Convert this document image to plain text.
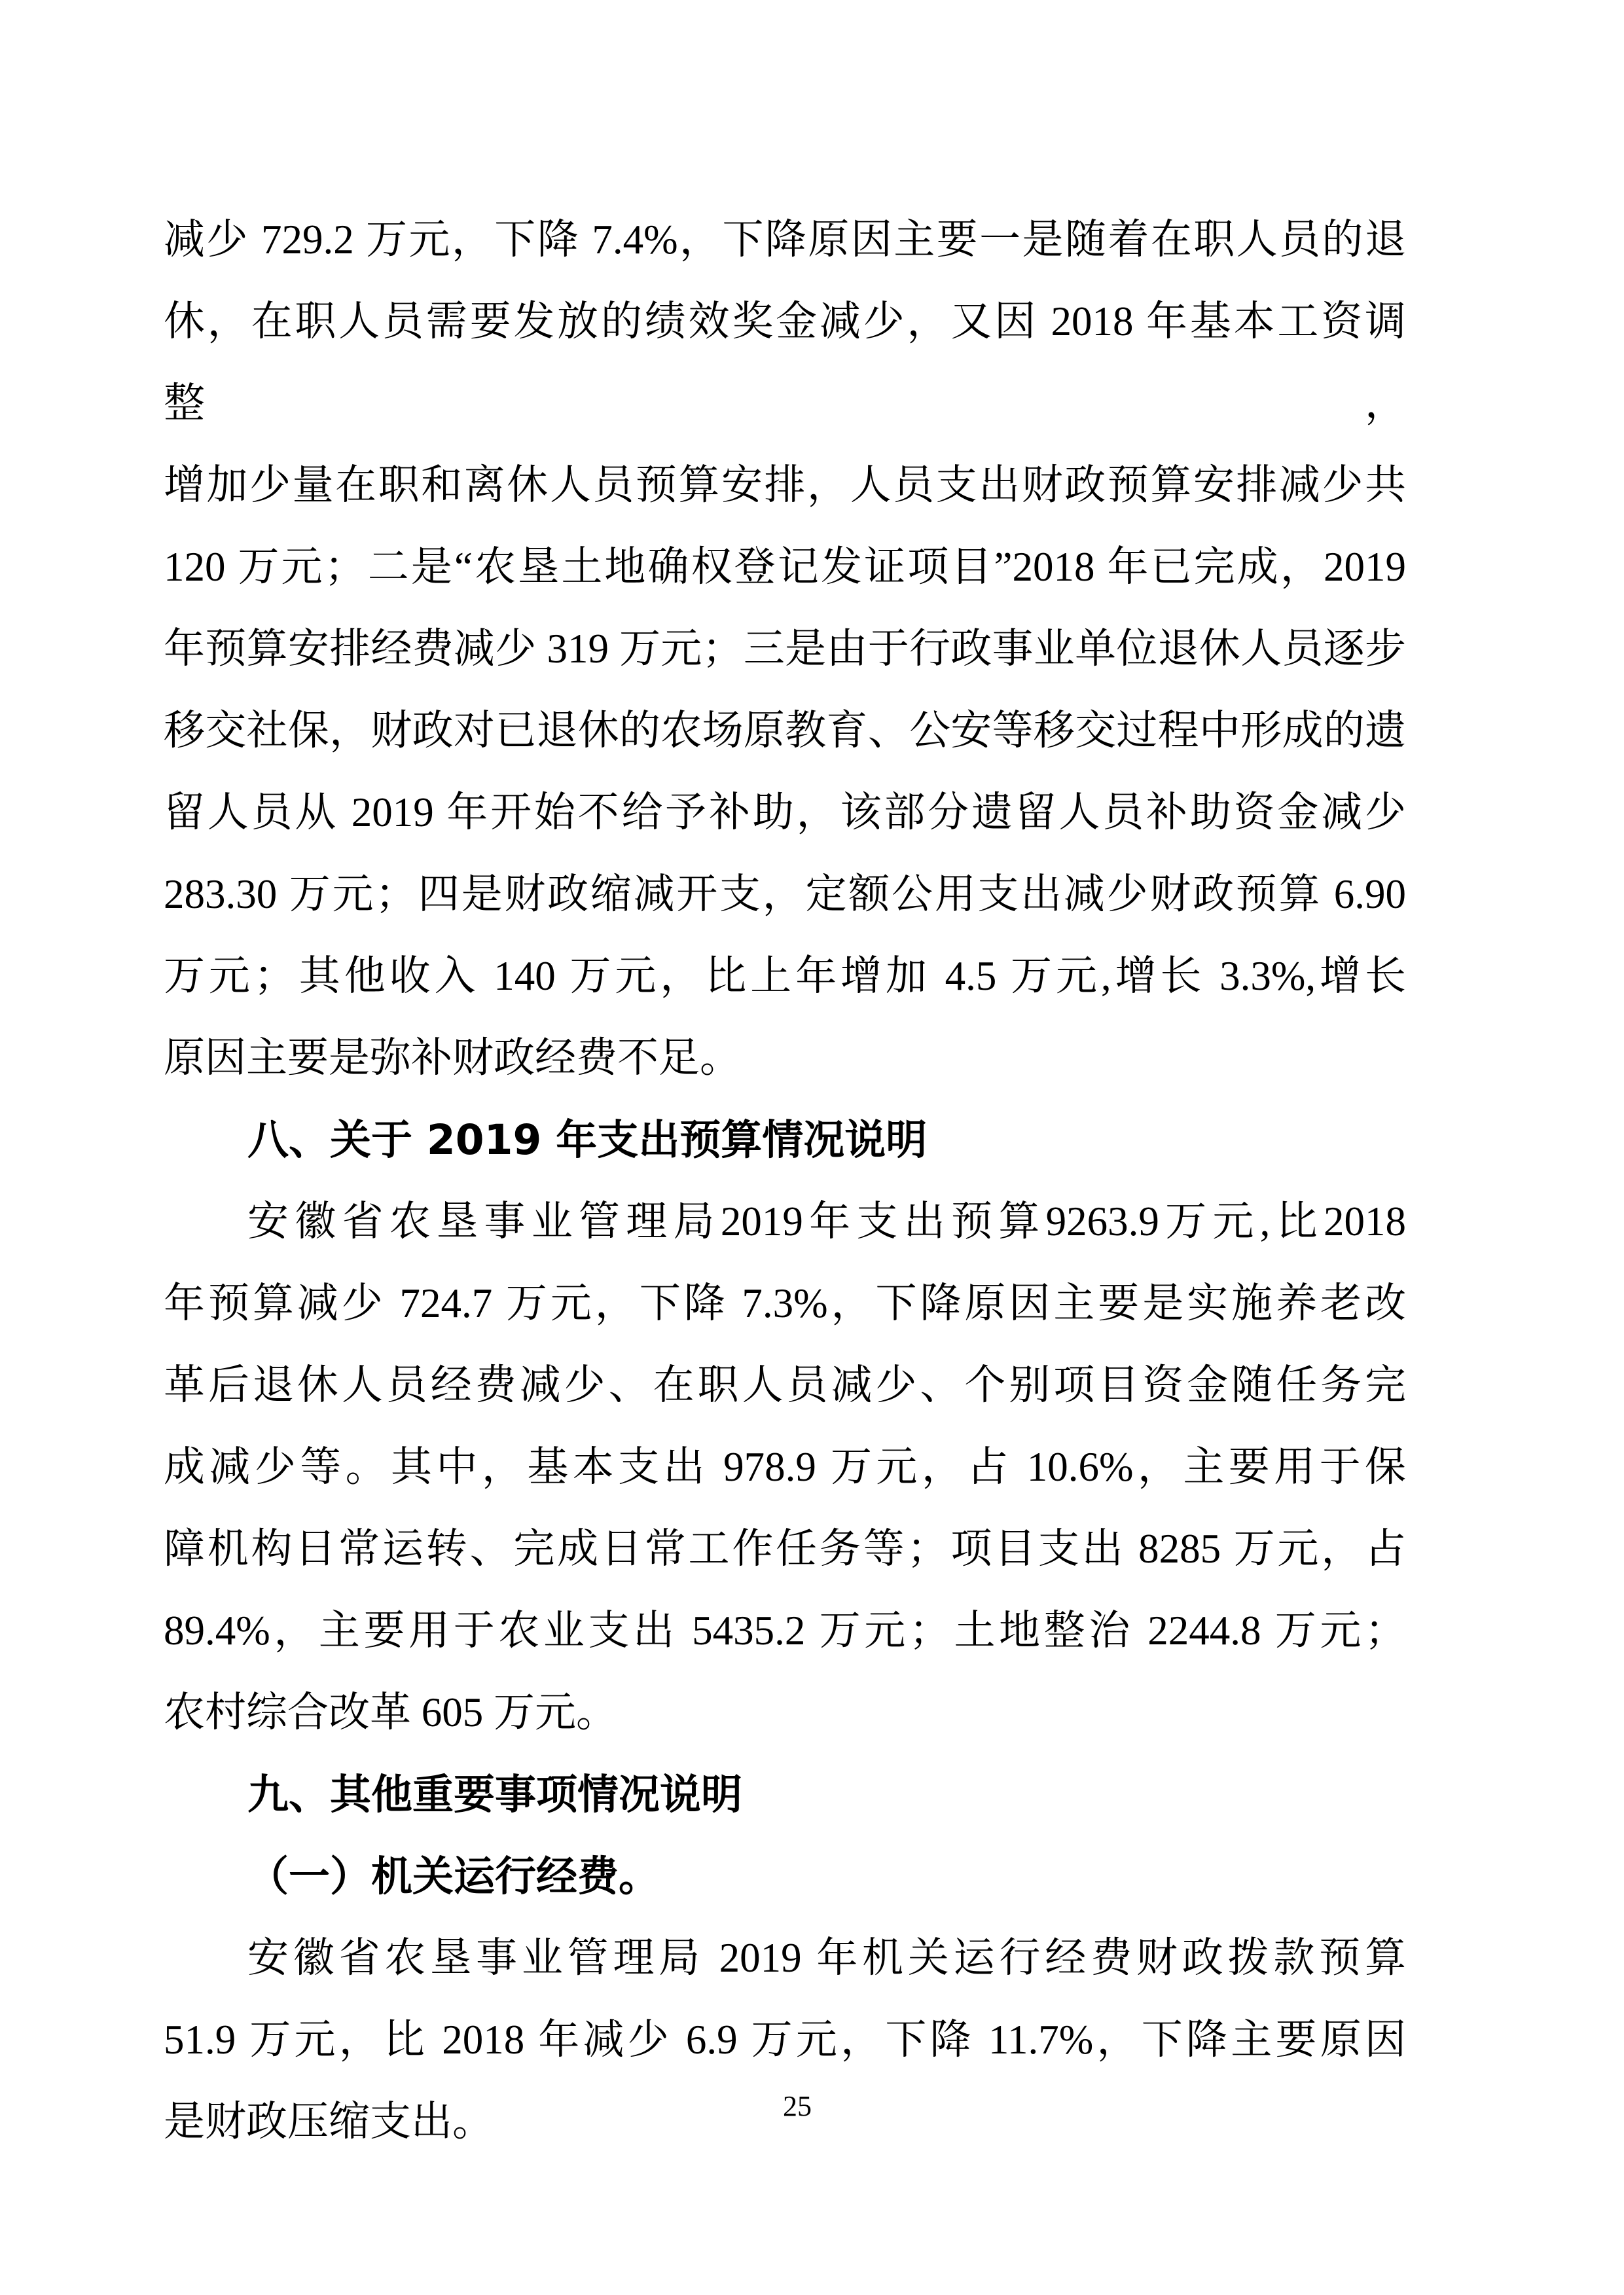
减少 729.2 万元，下降 7.4%，下降原因主要一是随着在职人员的退
休，在职人员需要发放的绩效奖金减少，又因 2018 年基本工资调整，
增加少量在职和离休人员预算安排，人员支出财政预算安排减少共
120 万元；二是“农垦土地确权登记发证项目”2018 年已完成，2019
年预算安排经费减少 319 万元；三是由于行政事业单位退休人员逐步
移交社保，财政对已退休的农场原教育、公安等移交过程中形成的遗
留人员从 2019 年开始不给予补助，该部分遗留人员补助资金减少
283.30 万元；四是财政缩减开支，定额公用支出减少财政预算 6.90
万元；其他收入 140 万元，比上年增加 4.5 万元,增长 3.3%,增长
原因主要是弥补财政经费不足。
八、关于 2019 年支出预算情况说明
安徽省农垦事业管理局2019年支出预算9263.9万元,比2018
年预算减少 724.7 万元，下降 7.3%，下降原因主要是实施养老改
革后退休人员经费减少、在职人员减少、个别项目资金随任务完
成减少等。其中，基本支出 978.9 万元，占 10.6%，主要用于保
障机构日常运转、完成日常工作任务等；项目支出 8285 万元，占
89.4%，主要用于农业支出 5435.2 万元；土地整治 2244.8 万元；
农村综合改革 605 万元。
九、其他重要事项情况说明
（一）机关运行经费。
安徽省农垦事业管理局 2019 年机关运行经费财政拨款预算
51.9 万元，比 2018 年减少 6.9 万元，下降 11.7%，下降主要原因
是财政压缩支出。	25
